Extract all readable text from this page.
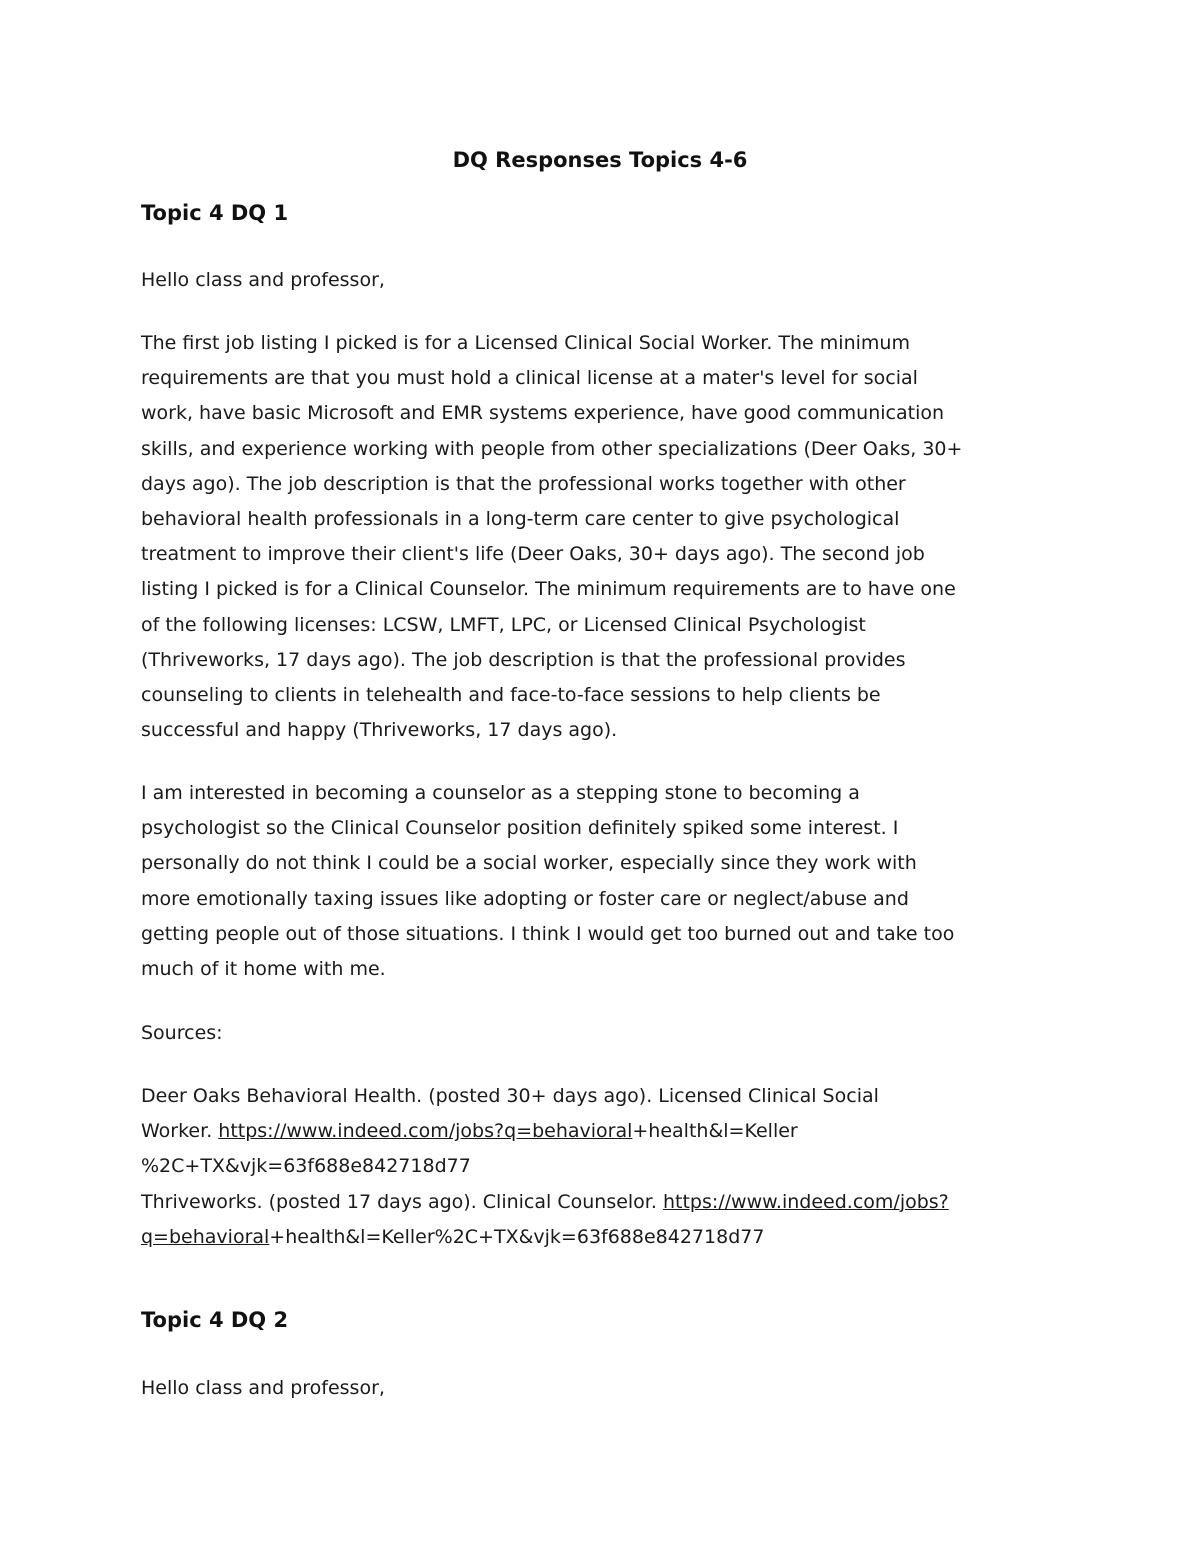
DQ Responses Topics 4-6
Topic 4 DQ 1

Hello class and professor,

The first job listing I picked is for a Licensed Clinical Social Worker. The minimum
requirements are that you must hold a clinical license at a mater's level for social
work, have basic Microsoft and EMR systems experience, have good communication
skills, and experience working with people from other specializations (Deer Oaks, 30+
days ago). The job description is that the professional works together with other
behavioral health professionals in a long-term care center to give psychological
treatment to improve their client's life (Deer Oaks, 30+ days ago). The second job
listing I picked is for a Clinical Counselor. The minimum requirements are to have one
of the following licenses: LCSW, LMFT, LPC, or Licensed Clinical Psychologist
(Thriveworks, 17 days ago). The job description is that the professional provides
counseling to clients in telehealth and face-to-face sessions to help clients be
successful and happy (Thriveworks, 17 days ago).
I am interested in becoming a counselor as a stepping stone to becoming a
psychologist so the Clinical Counselor position definitely spiked some interest. I
personally do not think I could be a social worker, especially since they work with
more emotionally taxing issues like adopting or foster care or neglect/abuse and
getting people out of those situations. I think I would get too burned out and take too
much of it home with me.

Sources:

Deer Oaks Behavioral Health. (posted 30+ days ago). Licensed Clinical Social
Worker. https://www.indeed.com/jobs?q=behavioral+health&l=Keller
%2C+TX&vjk=63f688e842718d77
Thriveworks. (posted 17 days ago). Clinical Counselor. https://www.indeed.com/jobs?
q=behavioral+health&l=Keller%2C+TX&vjk=63f688e842718d77
Topic 4 DQ 2

Hello class and professor,
